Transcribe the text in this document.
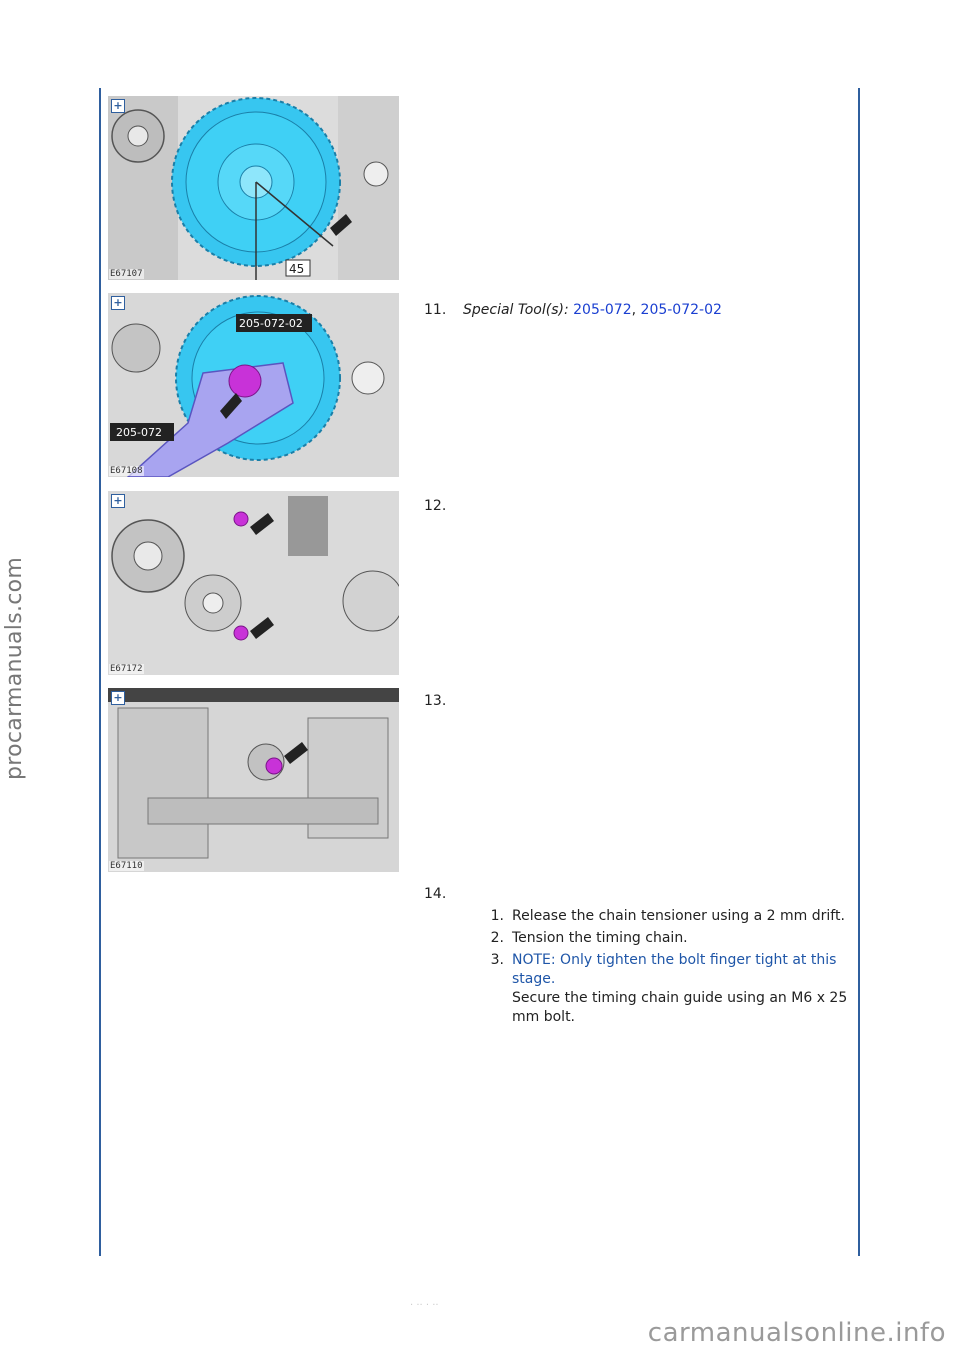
procarmanuals.com
carmanualsonline.info
· ·· · ··
45
+
E67107
205-072-02
205-072
+
E67108
+
E67172
+
E67110
11. Special Tool(s): 205-072, 205-072-02
12.
13.
14.
1. Release the chain tensioner using a 2 mm drift.
2. Tension the timing chain.
3. NOTE: Only tighten the bolt finger tight at this stage.
Secure the timing chain guide using an M6 x 25 mm bolt.
